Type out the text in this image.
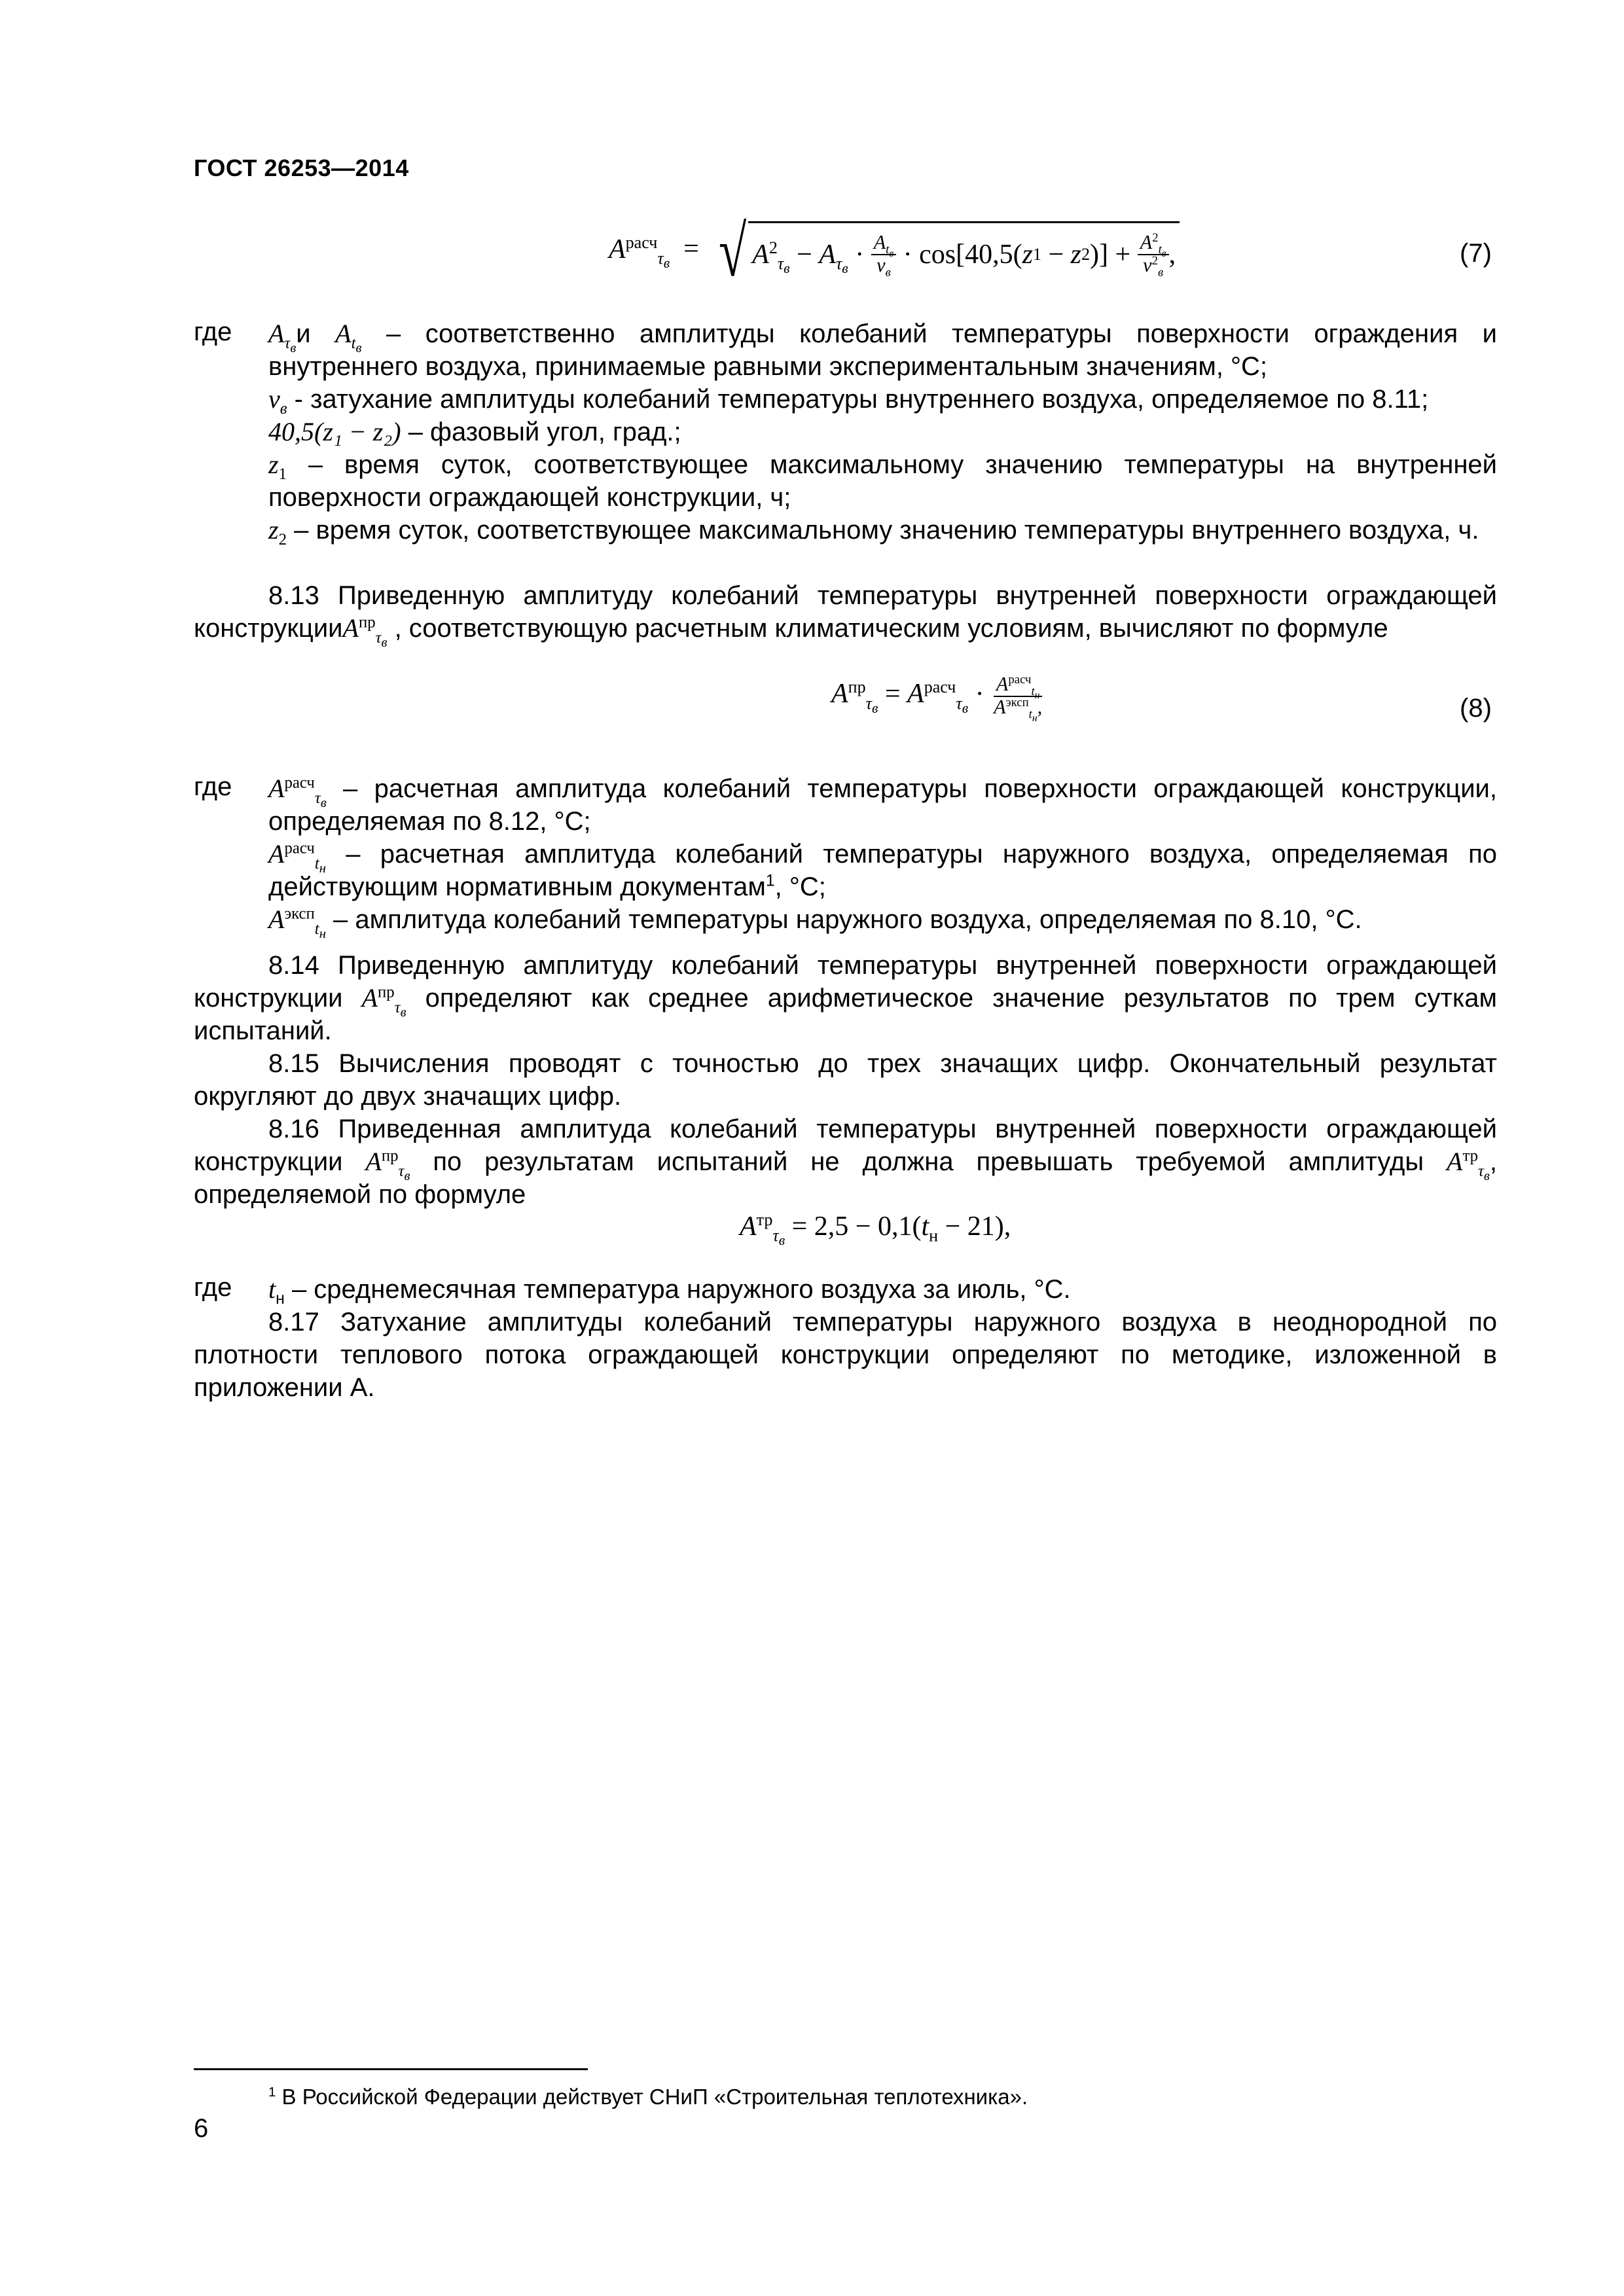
ГОСТ 26253—2014
$A^{расч}_{\tau_в}$  = √ $A^2_{\tau_в} - A_{\tau_в} \cdot \frac{A_{t_в}}{\nu_в} \cdot \cos[40,5$( z 1 − z 2 )] + $\frac{A^2_{t_в}}{\nu^2_в}$ ,	(7)
где $A_{\tau_в}и$ $A_{t_в}$ – соответственно амплитуды колебаний температуры поверхности ограждения и внутреннего воздуха, принимаемые равными экспериментальным значениям, °С;
$\nu_в$ - затухание амплитуды колебаний температуры внутреннего воздуха, определяемое по 8.11;
40,5(z₁ − z₂) – фазовый угол, град.;
$z_1$ – время суток, соответствующее максимальному значению температуры на внутренней поверхности ограждающей конструкции, ч;
$z_2$ – время суток, соответствующее максимальному значению температуры внутреннего воздуха, ч.
8.13 Приведенную амплитуду колебаний температуры внутренней поверхности ограждающей конструкцииA$^{пр}_{\tau_в}$ , соответствующую расчетным климатическим условиям, вычисляют по формуле
$A^{пр}_{\tau_в} = A^{расч}_{\tau_в} \cdot \frac{A^{расч}_{t_н}}{A^{эксп}_{t_н},}$	(8)
где $A^{расч}_{\tau_в}$ – расчетная амплитуда колебаний температуры поверхности ограждающей конструкции, определяемая по 8.12, °С;
$A^{расч}_{t_н}$ – расчетная амплитуда колебаний температуры наружного воздуха, определяемая по действующим нормативным документам$^1$, °С;
$A^{эксп}_{t_н}$ – амплитуда колебаний температуры наружного воздуха, определяемая по 8.10, °С.
8.14 Приведенную амплитуду колебаний температуры внутренней поверхности ограждающей конструкции $A^{пр}_{\tau_в}$ определяют как среднее арифметическое значение результатов по трем суткам испытаний.
8.15 Вычисления проводят с точностью до трех значащих цифр. Окончательный результат округляют до двух значащих цифр.
8.16 Приведенная амплитуда колебаний температуры внутренней поверхности ограждающей конструкции $A^{пр}_{\tau_в}$ по результатам испытаний не должна превышать требуемой амплитуды $A^{тр}_{\tau_в}$, определяемой по формуле
$A^{тр}_{\tau_в} = 2,5 - 0,1(t_н - 21)$,
где $t_н$ – среднемесячная температура наружного воздуха за июль, °С.
8.17 Затухание амплитуды колебаний температуры наружного воздуха в неоднородной по плотности теплового потока ограждающей конструкции определяют по методике, изложенной в приложении А.
$^1$ В Российской Федерации действует СНиП «Строительная теплотехника».
6
